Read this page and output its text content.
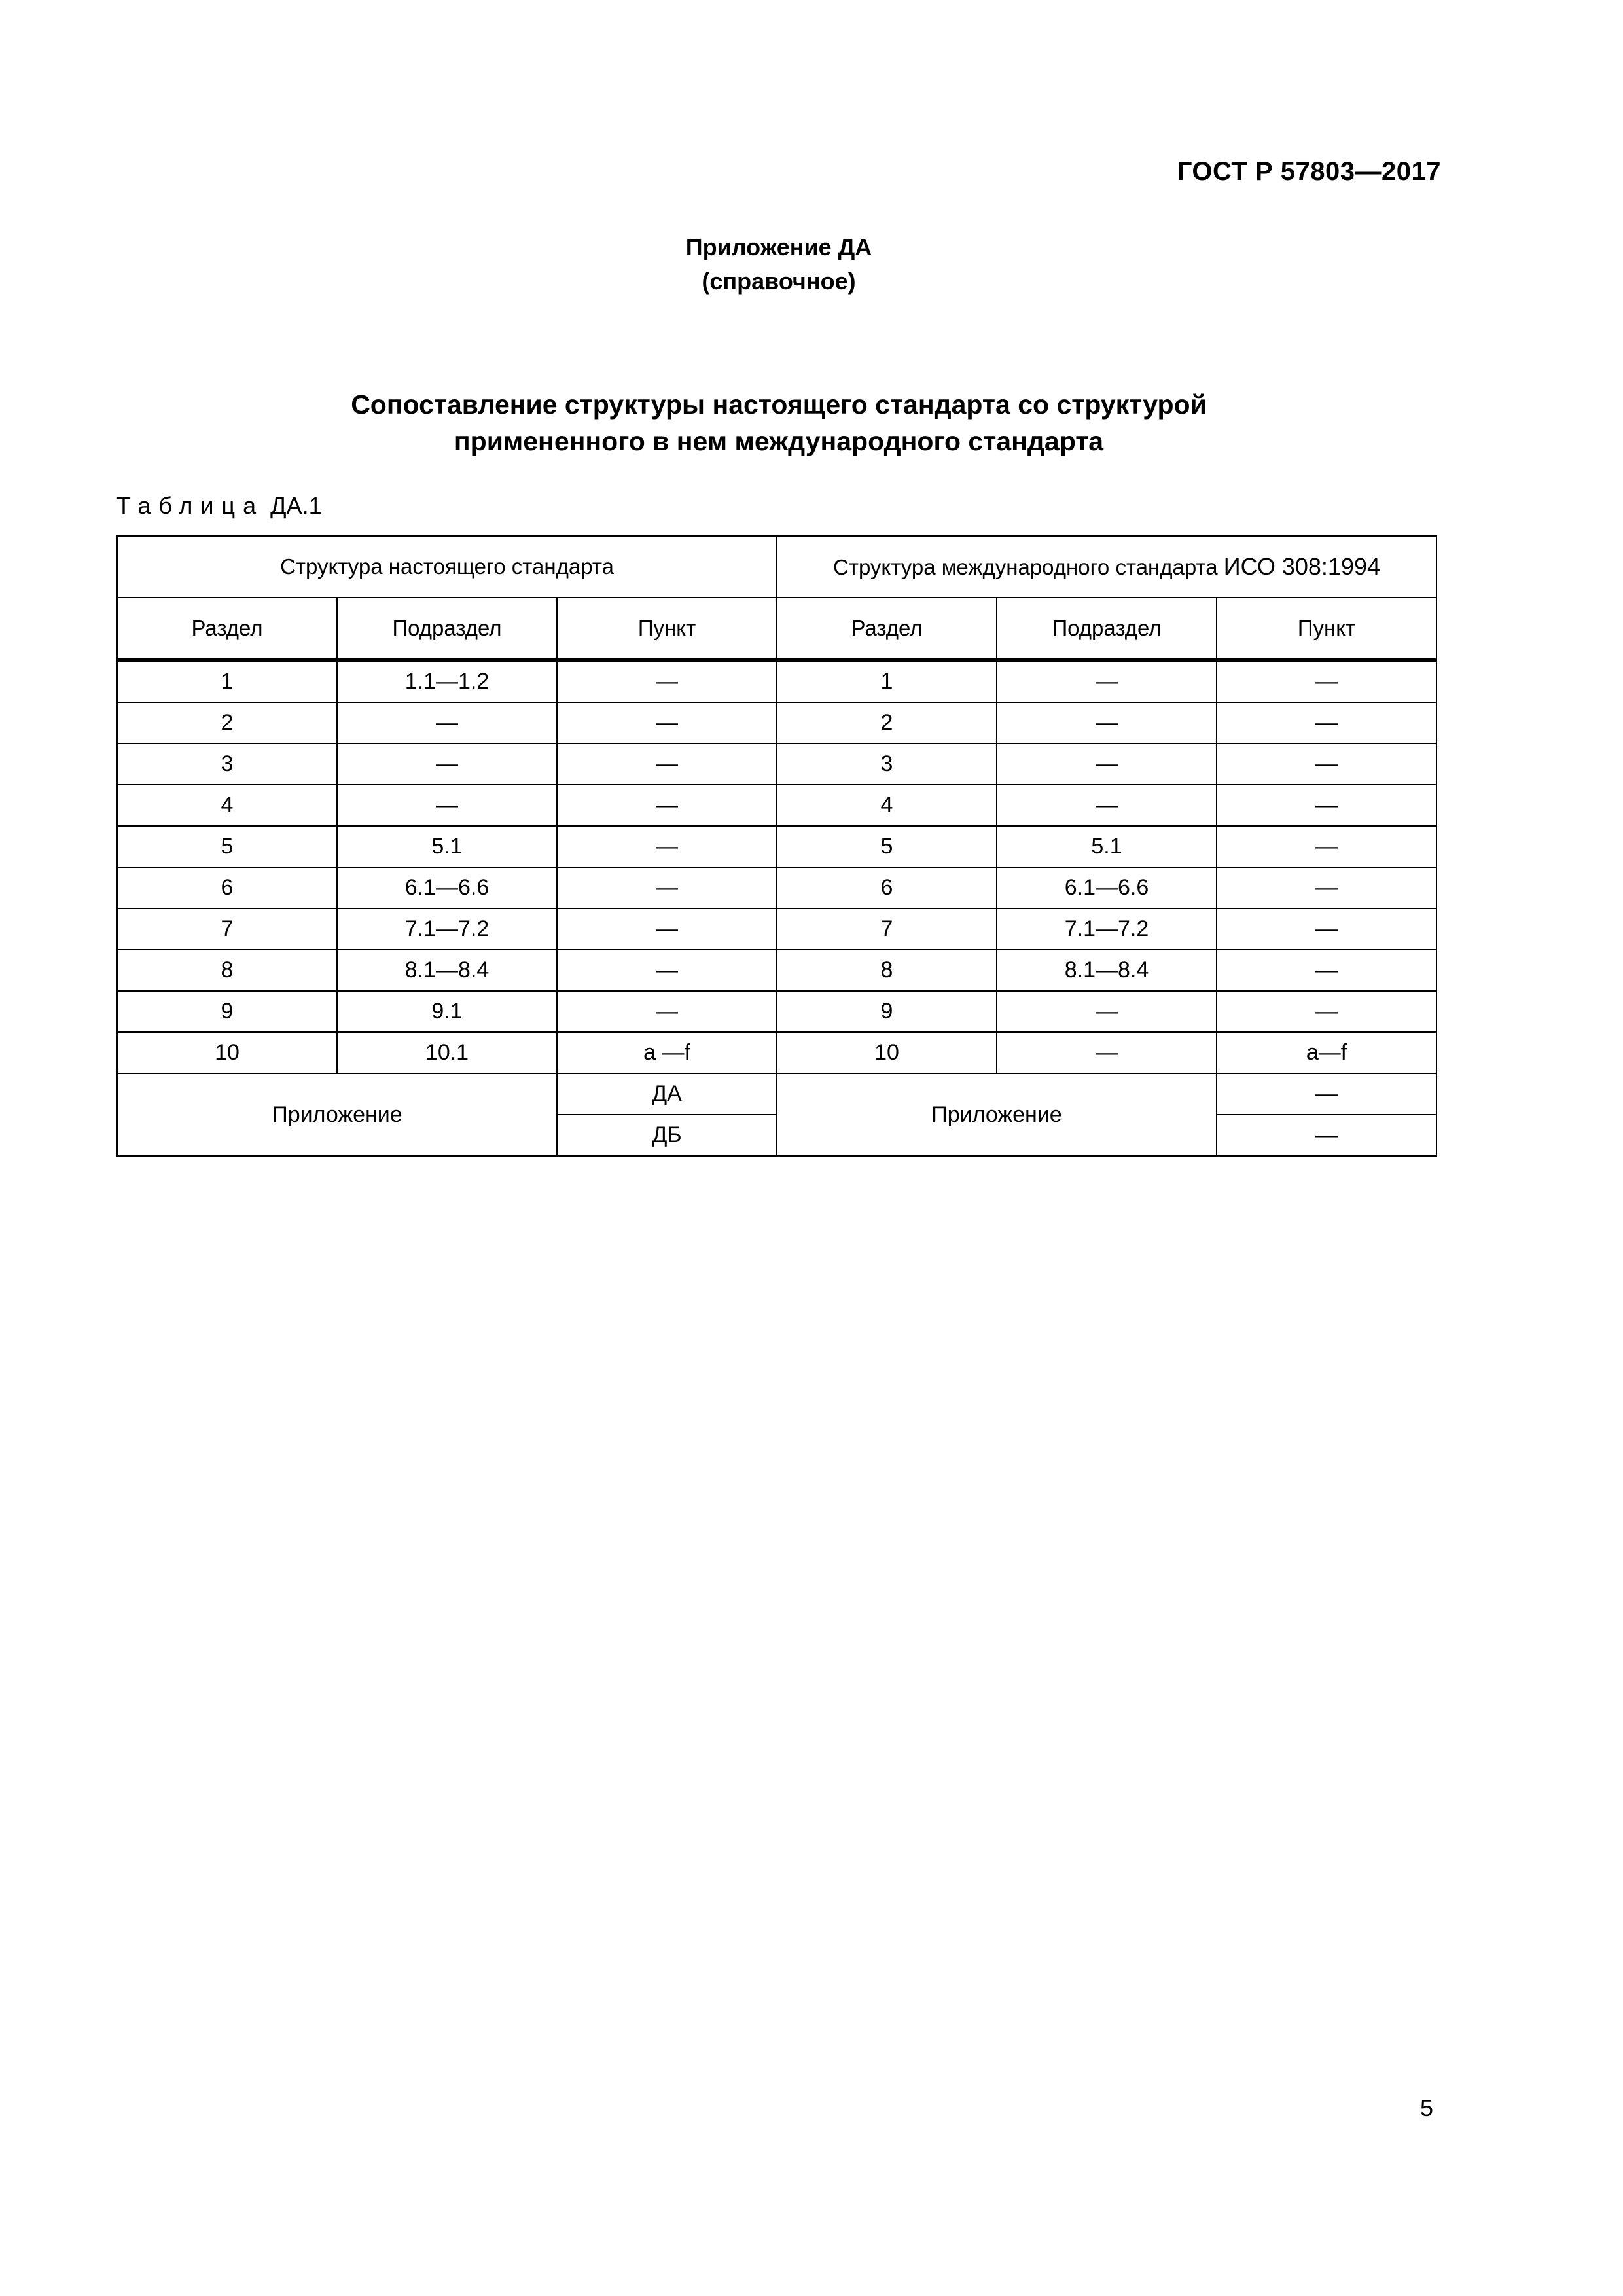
ГОСТ Р 57803—2017
Приложение ДА
(справочное)
Сопоставление структуры настоящего стандарта со структурой
примененного в нем международного стандарта
Таблица ДА.1
Структура настоящего стандарта			Структура международного стандарта ИСО 308:1994		
Раздел	Подраздел	Пункт	Раздел	Подраздел	Пункт
1	1.1—1.2	—	1	—	—
2	—	—	2	—	—
3	—	—	3	—	—
4	—	—	4	—	—
5	5.1	—	5	5.1	—
6	6.1—6.6	—	6	6.1—6.6	—
7	7.1—7.2	—	7	7.1—7.2	—
8	8.1—8.4	—	8	8.1—8.4	—
9	9.1	—	9	—	—
10	10.1	a —f	10	—	a—f
Приложение		ДА	Приложение		—
		ДБ			—
5
